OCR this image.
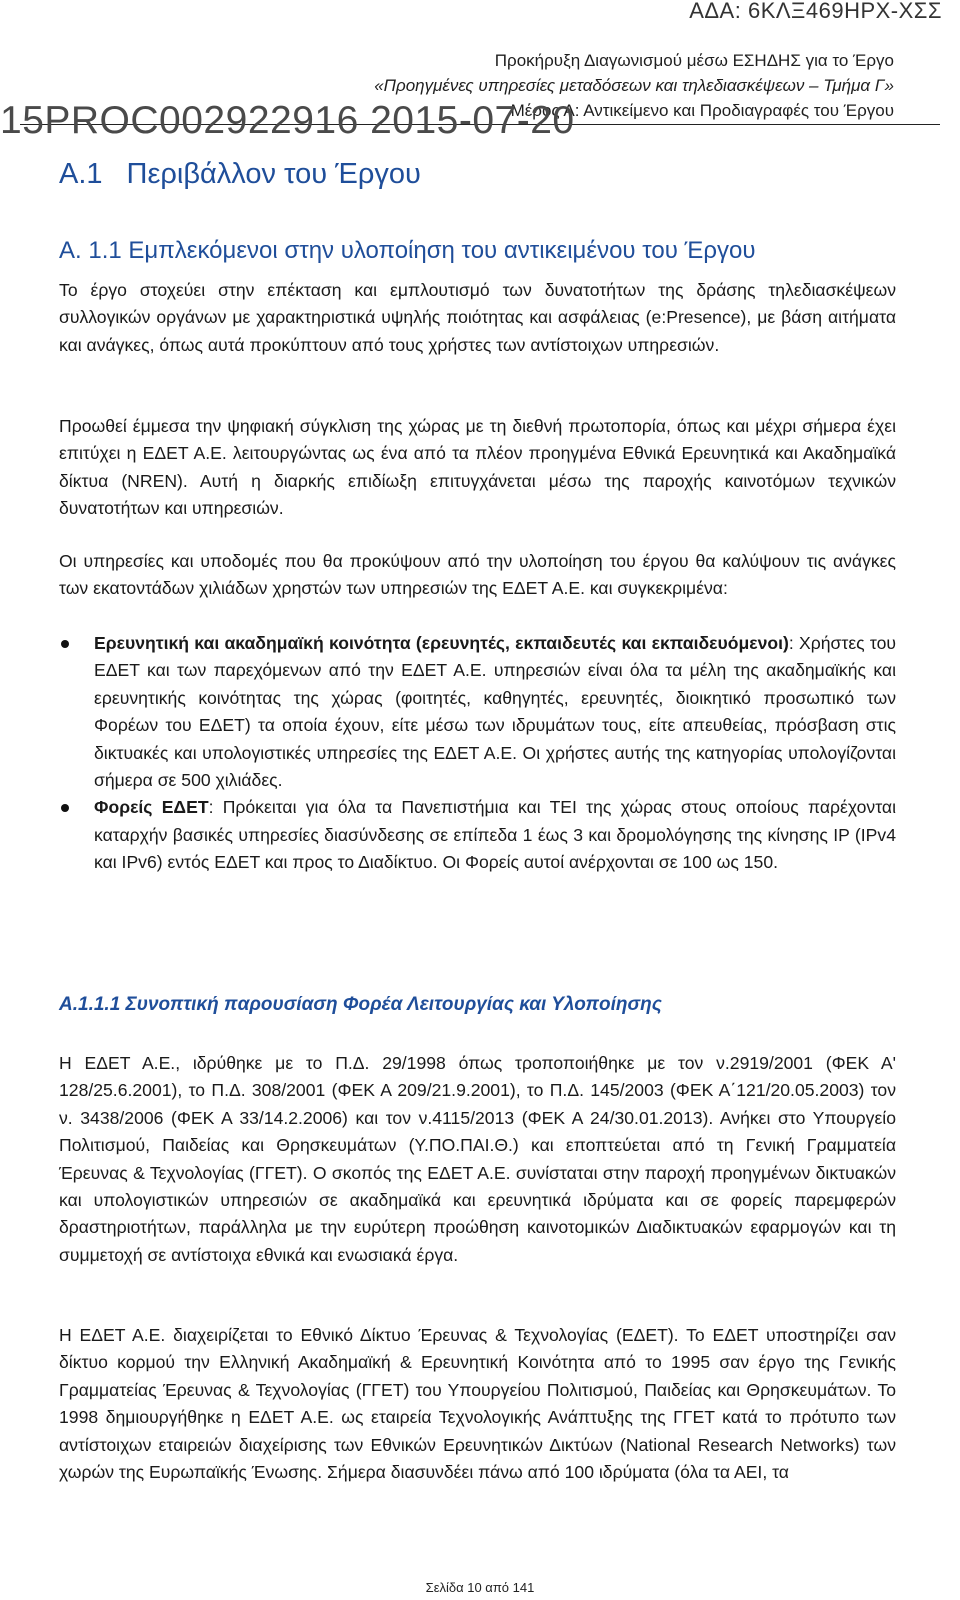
ΑΔΑ: 6ΚΛΞ469ΗΡΧ-ΧΣΣ
Προκήρυξη Διαγωνισμού μέσω ΕΣΗΔΗΣ για το Έργο
«Προηγμένες υπηρεσίες μεταδόσεων και τηλεδιασκέψεων – Τμήμα Γ»
Μέρος Α: Αντικείμενο και Προδιαγραφές του Έργου
15PROC002922916 2015-07-20
Α.1 Περιβάλλον του Έργου
Α. 1.1 Εμπλεκόμενοι στην υλοποίηση του αντικειμένου του Έργου

Το έργο στοχεύει στην επέκταση και εμπλουτισμό των δυνατοτήτων της δράσης τηλεδιασκέψεων συλλογικών οργάνων με χαρακτηριστικά υψηλής ποιότητας και ασφάλειας (e:Presence), με βάση αιτήματα και ανάγκες, όπως αυτά προκύπτουν από τους χρήστες των αντίστοιχων υπηρεσιών.

Προωθεί έμμεσα την ψηφιακή σύγκλιση της χώρας με τη διεθνή πρωτοπορία, όπως και μέχρι σήμερα έχει επιτύχει η ΕΔΕΤ Α.Ε. λειτουργώντας ως ένα από τα πλέον προηγμένα Εθνικά Ερευνητικά και Ακαδημαϊκά δίκτυα (NREN). Αυτή η διαρκής επιδίωξη επιτυγχάνεται μέσω της παροχής καινοτόμων τεχνικών δυνατοτήτων και υπηρεσιών.

Οι υπηρεσίες και υποδομές που θα προκύψουν από την υλοποίηση του έργου θα καλύψουν τις ανάγκες των εκατοντάδων χιλιάδων χρηστών των υπηρεσιών της ΕΔΕΤ Α.Ε. και συγκεκριμένα:

Ερευνητική και ακαδημαϊκή κοινότητα (ερευνητές, εκπαιδευτές και εκπαιδευόμενοι): Χρήστες του ΕΔΕΤ και των παρεχόμενων από την ΕΔΕΤ Α.Ε. υπηρεσιών είναι όλα τα μέλη της ακαδημαϊκής και ερευνητικής κοινότητας της χώρας (φοιτητές, καθηγητές, ερευνητές, διοικητικό προσωπικό των Φορέων του ΕΔΕΤ) τα οποία έχουν, είτε μέσω των ιδρυμάτων τους, είτε απευθείας, πρόσβαση στις δικτυακές και υπολογιστικές υπηρεσίες της ΕΔΕΤ Α.Ε. Οι χρήστες αυτής της κατηγορίας υπολογίζονται σήμερα σε 500 χιλιάδες.
Φορείς ΕΔΕΤ: Πρόκειται για όλα τα Πανεπιστήμια και ΤΕΙ της χώρας στους οποίους παρέχονται καταρχήν βασικές υπηρεσίες διασύνδεσης σε επίπεδα 1 έως 3 και δρομολόγησης της κίνησης IP (IPv4 και IPv6) εντός ΕΔΕΤ και προς το Διαδίκτυο. Οι Φορείς αυτοί ανέρχονται σε 100 ως 150.
Α.1.1.1 Συνοπτική παρουσίαση Φορέα Λειτουργίας και Υλοποίησης

Η ΕΔΕΤ Α.Ε., ιδρύθηκε με το Π.Δ. 29/1998 όπως τροποποιήθηκε με τον ν.2919/2001 (ΦΕΚ Α' 128/25.6.2001), το Π.Δ. 308/2001 (ΦΕΚ Α 209/21.9.2001), το Π.Δ. 145/2003 (ΦΕΚ Α΄121/20.05.2003) τον ν. 3438/2006 (ΦΕΚ Α 33/14.2.2006) και τον ν.4115/2013 (ΦΕΚ Α 24/30.01.2013). Ανήκει στο Υπουργείο Πολιτισμού, Παιδείας και Θρησκευμάτων (Υ.ΠΟ.ΠΑΙ.Θ.) και εποπτεύεται από τη Γενική Γραμματεία Έρευνας & Τεχνολογίας (ΓΓΕΤ). Ο σκοπός της ΕΔΕΤ Α.Ε. συνίσταται στην παροχή προηγμένων δικτυακών και υπολογιστικών υπηρεσιών σε ακαδημαϊκά και ερευνητικά ιδρύματα και σε φορείς παρεμφερών δραστηριοτήτων, παράλληλα με την ευρύτερη προώθηση καινοτομικών Διαδικτυακών εφαρμογών και τη συμμετοχή σε αντίστοιχα εθνικά και ενωσιακά έργα.

Η ΕΔΕΤ Α.Ε. διαχειρίζεται το Εθνικό Δίκτυο Έρευνας & Τεχνολογίας (ΕΔΕΤ). Το ΕΔΕΤ υποστηρίζει σαν δίκτυο κορμού την Ελληνική Ακαδημαϊκή & Ερευνητική Κοινότητα από το 1995 σαν έργο της Γενικής Γραμματείας Έρευνας & Τεχνολογίας (ΓΓΕΤ) του Υπουργείου Πολιτισμού, Παιδείας και Θρησκευμάτων. Το 1998 δημιουργήθηκε η ΕΔΕΤ Α.Ε. ως εταιρεία Τεχνολογικής Ανάπτυξης της ΓΓΕΤ κατά το πρότυπο των αντίστοιχων εταιρειών διαχείρισης των Εθνικών Ερευνητικών Δικτύων (National Research Networks) των χωρών της Ευρωπαϊκής Ένωσης. Σήμερα διασυνδέει πάνω από 100 ιδρύματα (όλα τα ΑΕΙ, τα

Σελίδα 10 από 141
